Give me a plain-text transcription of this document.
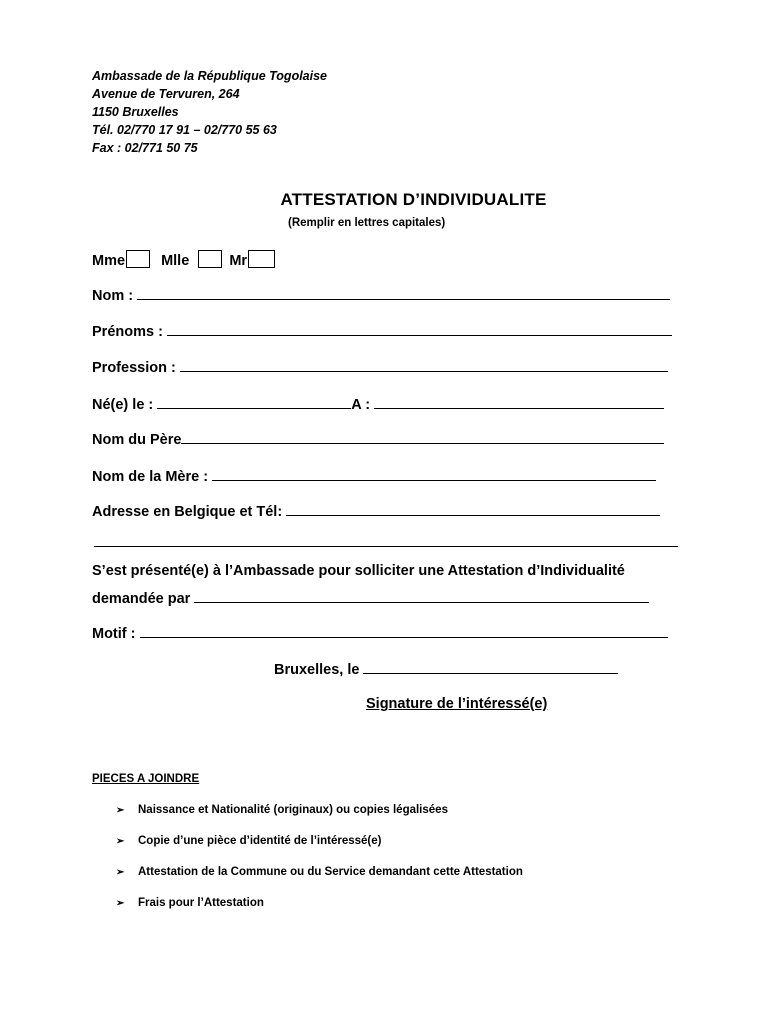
Ambassade de la République Togolaise
Avenue de Tervuren, 264
1150 Bruxelles
Tél. 02/770 17 91 – 02/770 55 63
Fax : 02/771 50 75
ATTESTATION D’INDIVIDUALITE
(Remplir en lettres capitales)
Mme Mlle	Mr
Nom :
Prénoms :
Profession :
Né(e) le :	A :
Nom du Père
Nom de la Mère :
Adresse en Belgique et Tél:
S’est présenté(e) à l’Ambassade pour solliciter une Attestation d’Individualité
demandée par
Motif :
Bruxelles, le
Signature de l’intéressé(e)
PIECES A JOINDRE
➢ Naissance et Nationalité (originaux) ou copies légalisées
➢ Copie d’une pièce d’identité de l’intéressé(e)
➢ Attestation de la Commune ou du Service demandant cette Attestation
➢ Frais pour l’Attestation
